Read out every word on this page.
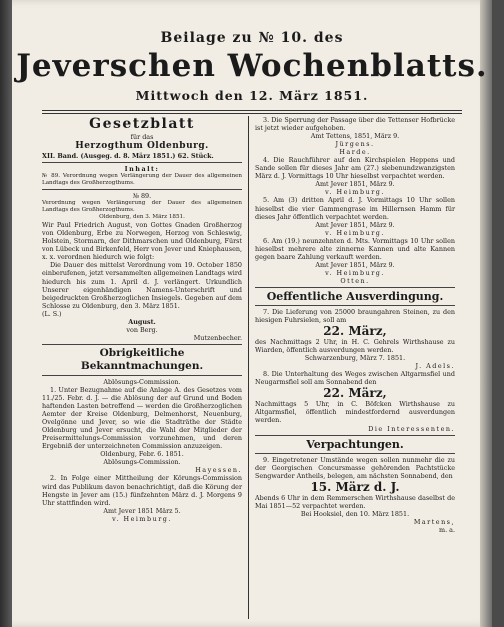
Beilage zu № 10. des
Jeverschen Wochenblatts.
Mittwoch den 12. März 1851.
Gesetzblatt
für das
Herzogthum Oldenburg.
XII. Band. (Ausgeg. d. 8. März 1851.) 62. Stück.
Inhalt:
№ 89. Verordnung wegen Verlängerung der Dauer des allgemeinen Landtags des Großherzogthums.
№ 89.
Verordnung wegen Verlängerung der Dauer des allgemeinen Landtags des Großherzogthums.
Oldenburg, den 3. März 1851.
Wir Paul Friedrich August, von Gottes Gnaden Großherzog von Oldenburg, Erbe zu Norwegen, Herzog von Schleswig, Holstein, Stormarn, der Dithmarschen und Oldenburg, Fürst von Lübeck und Birkenfeld, Herr von Jever und Kniephausen, x. x. verordnen hiedurch wie folgt:
Die Dauer des mittelst Verordnung vom 19. October 1850 einberufenen, jetzt versammelten allgemeinen Landtags wird hiedurch bis zum 1. April d. J. verlängert. Urkundlich Unserer eigenhändigen Namens-Unterschrift und beigedruckten Großherzoglichen Insiegels. Gegeben auf dem Schlosse zu Oldenburg, den 3. März 1851.
(L. S.)
August.
von Berg.
Mutzenbecher.
Obrigkeitliche Bekanntmachungen.
Ablösungs-Commission.
1. Unter Bezugnahme auf die Anlage A. des Gesetzes vom 11./25. Febr. d. J. — die Ablösung der auf Grund und Boden haftenden Lasten betreffend — werden die Großherzoglichen Aemter der Kreise Oldenburg, Delmenhorst, Neuenburg, Ovelgönne und Jever, so wie die Stadträthe der Städte Oldenburg und Jever ersucht, die Wahl der Mitglieder der Preisermittelungs-Commission vorzunehmen, und deren Ergebniß der unterzeichneten Commission anzuzeigen.
Oldenburg, Febr. 6. 1851.
Ablösungs-Commission.
Hayessen.
2. In Folge einer Mittheilung der Körungs-Commission wird das Publikum davon benachrichtigt, daß die Körung der Hengste in Jever am (15.) fünfzehnten März d. J. Morgens 9 Uhr stattfinden wird.
Amt Jever 1851 März 5.
v. Heimburg.
3. Die Sperrung der Passage über die Tettenser Hofbrücke ist jetzt wieder aufgehoben.
Amt Tettens, 1851, März 9.
Jürgens.
Harde.
4. Die Rauchführer auf den Kirchspielen Heppens und Sande sollen für dieses Jahr am (27.) siebenundzwanzigsten März d. J. Vormittags 10 Uhr hieselbst verpachtet werden.
Amt Jever 1851, März 9.
v. Heimburg.
5. Am (3) dritten April d. J. Vormittags 10 Uhr sollen hieselbst die vier Gammengrase im Hillernsen Hamm für dieses Jahr öffentlich verpachtet werden.
Amt Jever 1851, März 9.
v. Heimburg.
6. Am (19.) neunzehnten d. Mts. Vormittags 10 Uhr sollen hieselbst mehrere alte zinnerne Kannen und alte Kannen gegen baare Zahlung verkauft werden.
Amt Jever 1851, März 9.
v. Heimburg.
Otten.
Oeffentliche Ausverdingung.
7. Die Lieferung von 25000 braungahren Steinen, zu den hiesigen Fuhrsielen, soll am
22. März,
des Nachmittags 2 Uhr, in H. C. Gehrels Wirthshause zu Wiarden, öffentlich ausverdungen werden.
Schwarzenburg, März 7. 1851.
J. Adels.
8. Die Unterhaltung des Weges zwischen Altgarmsfiel und Neugarmsfiel soll am Sonnabend den
22. März,
Nachmittags 5 Uhr, in C. Böfcken Wirthshause zu Altgarmsfiel, öffentlich mindestfordernd ausverdungen werden.
Die Interessenten.
Verpachtungen.
9. Eingetretener Umstände wegen sollen nunmehr die zu der Georgischen Concursmasse gehörenden Pachtstücke Sengwarder Antheils, belegen, am nächsten Sonnabend, den
15. März d. J.
Abends 6 Uhr in dem Remmerschen Wirthshause daselbst de Mai 1851—52 verpachtet werden.
Bei Hooksiel, den 10. März 1851.
Martens,
m. a.
